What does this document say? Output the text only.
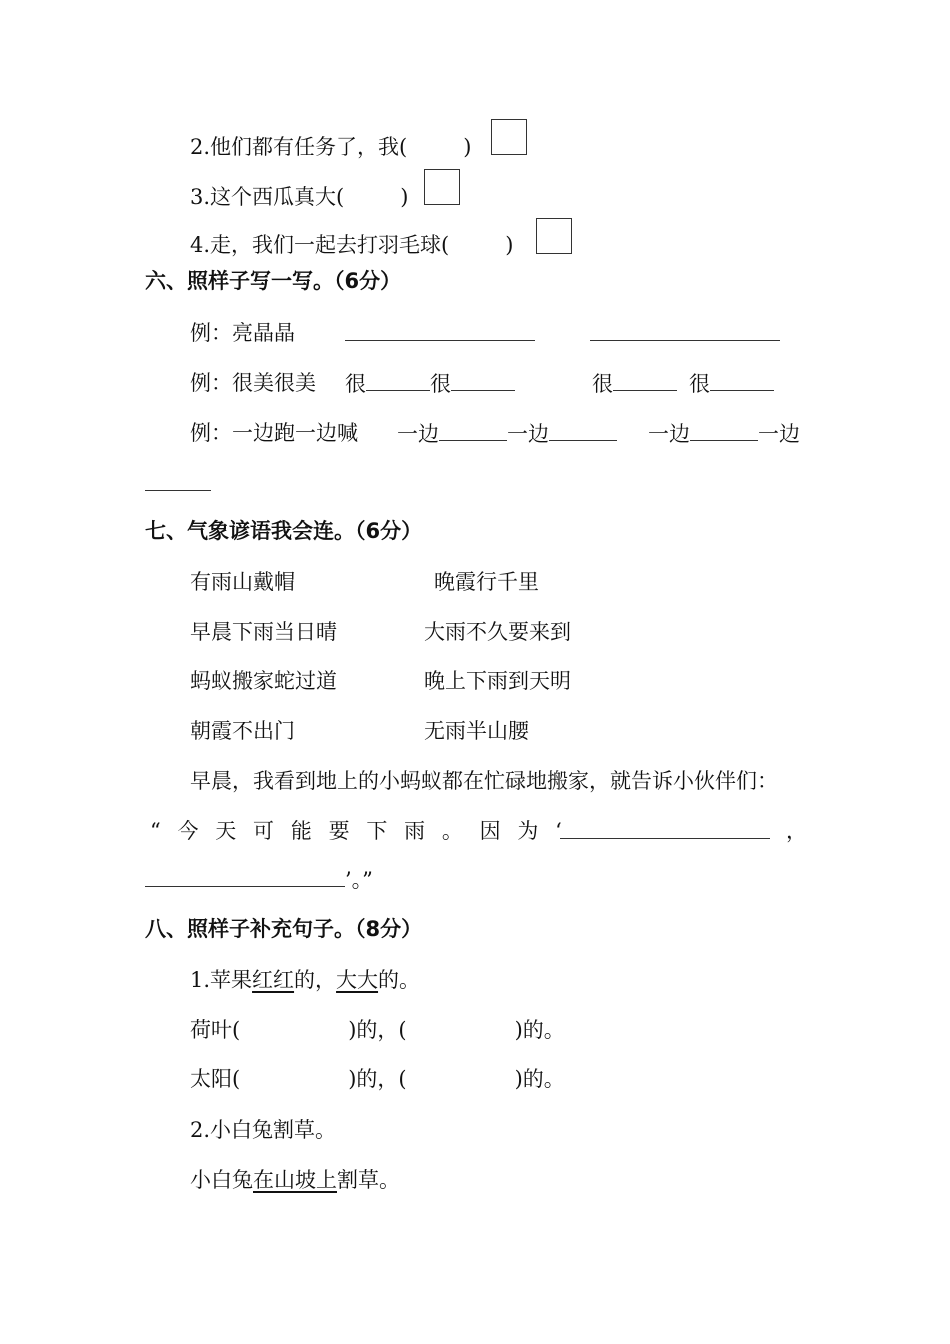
2.他们都有任务了，我(	)
3.这个西瓜真大(	)
4.走，我们一起去打羽毛球(	)
六、照样子写一写。（6分）
例：亮晶晶
例：很美很美 很	很	很	很
例：一边跑一边喊 一边	一边	一边	一边
七、气象谚语我会连。（6分）
有雨山戴帽	晚霞行千里
早晨下雨当日晴	大雨不久要来到
蚂蚁搬家蛇过道	晚上下雨到天明
朝霞不出门	无雨半山腰
早晨，我看到地上的小蚂蚁都在忙碌地搬家，就告诉小伙伴们：
“ 今 天 可 能 要 下 雨 。 因 为 ‘	，
’。”
八、照样子补充句子。（8分）
1.苹果红红的，大大的。
荷叶(	)的，(	)的。
太阳(	)的，(	)的。
2.小白兔割草。
小白兔在山坡上割草。
